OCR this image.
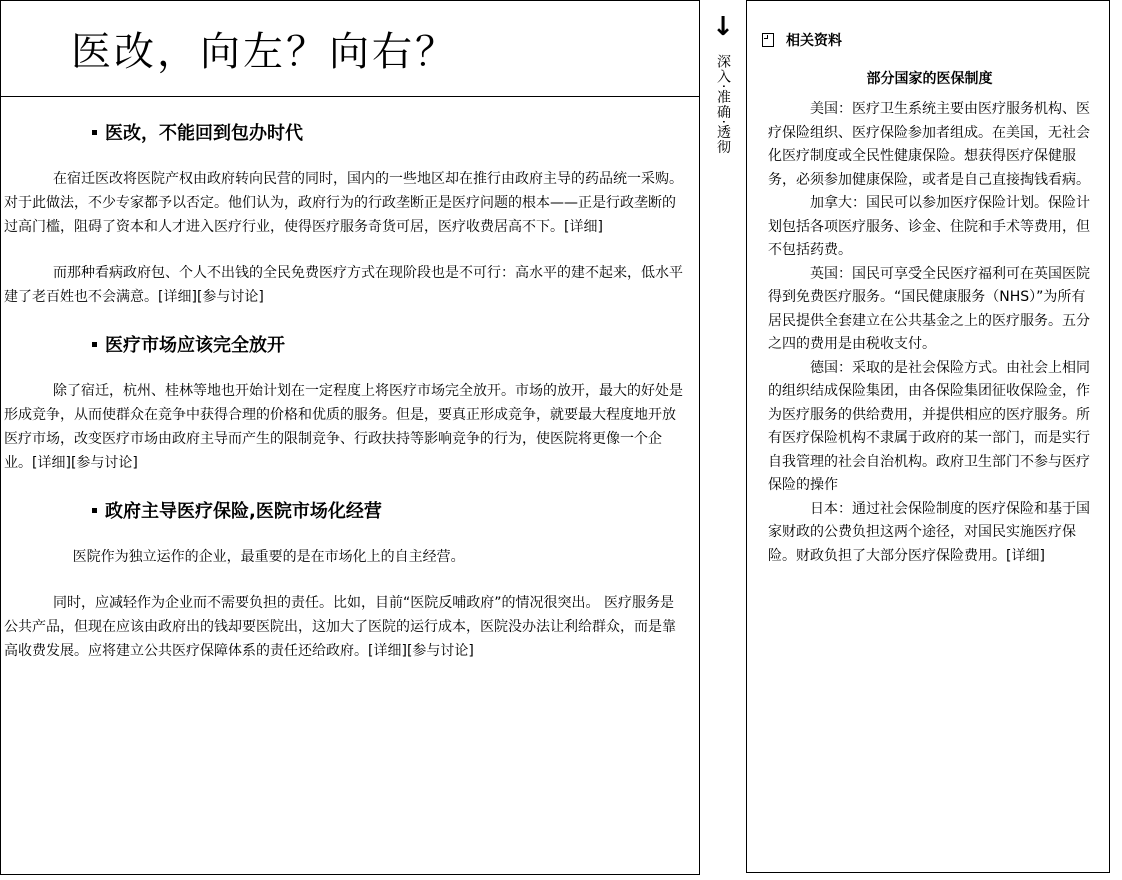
医改，向左？向右？
医改，不能回到包办时代

在宿迁医改将医院产权由政府转向民营的同时，国内的一些地区却在推行由政府主导的药品统一采购。对于此做法，不少专家都予以否定。他们认为，政府行为的行政垄断正是医疗问题的根本——正是行政垄断的过高门槛，阻碍了资本和人才进入医疗行业，使得医疗服务奇货可居，医疗收费居高不下。[详细]

而那种看病政府包、个人不出钱的全民免费医疗方式在现阶段也是不可行：高水平的建不起来，低水平建了老百姓也不会满意。[详细][参与讨论]

医疗市场应该完全放开

除了宿迁，杭州、桂林等地也开始计划在一定程度上将医疗市场完全放开。市场的放开，最大的好处是形成竞争，从而使群众在竞争中获得合理的价格和优质的服务。但是，要真正形成竞争，就要最大程度地开放医疗市场，改变医疗市场由政府主导而产生的限制竞争、行政扶持等影响竞争的行为，使医院将更像一个企业。[详细][参与讨论]

政府主导医疗保险,医院市场化经营

医院作为独立运作的企业，最重要的是在市场化上的自主经营。

同时，应减轻作为企业而不需要负担的责任。比如，目前“医院反哺政府”的情况很突出。 医疗服务是公共产品，但现在应该由政府出的钱却要医院出，这加大了医院的运行成本，医院没办法让利给群众，而是靠高收费发展。应将建立公共医疗保障体系的责任还给政府。[详细][参与讨论]

↓
深入·准确·透彻
相关资料
部分国家的医保制度

美国：医疗卫生系统主要由医疗服务机构、医疗保险组织、医疗保险参加者组成。在美国，无社会化医疗制度或全民性健康保险。想获得医疗保健服务，必须参加健康保险，或者是自己直接掏钱看病。

加拿大：国民可以参加医疗保险计划。保险计划包括各项医疗服务、诊金、住院和手术等费用，但不包括药费。

英国：国民可享受全民医疗福利可在英国医院得到免费医疗服务。“国民健康服务（NHS）”为所有居民提供全套建立在公共基金之上的医疗服务。五分之四的费用是由税收支付。

德国：采取的是社会保险方式。由社会上相同的组织结成保险集团，由各保险集团征收保险金，作为医疗服务的供给费用，并提供相应的医疗服务。所有医疗保险机构不隶属于政府的某一部门，而是实行自我管理的社会自治机构。政府卫生部门不参与医疗保险的操作

日本：通过社会保险制度的医疗保险和基于国家财政的公费负担这两个途径，对国民实施医疗保险。财政负担了大部分医疗保险费用。[详细]
